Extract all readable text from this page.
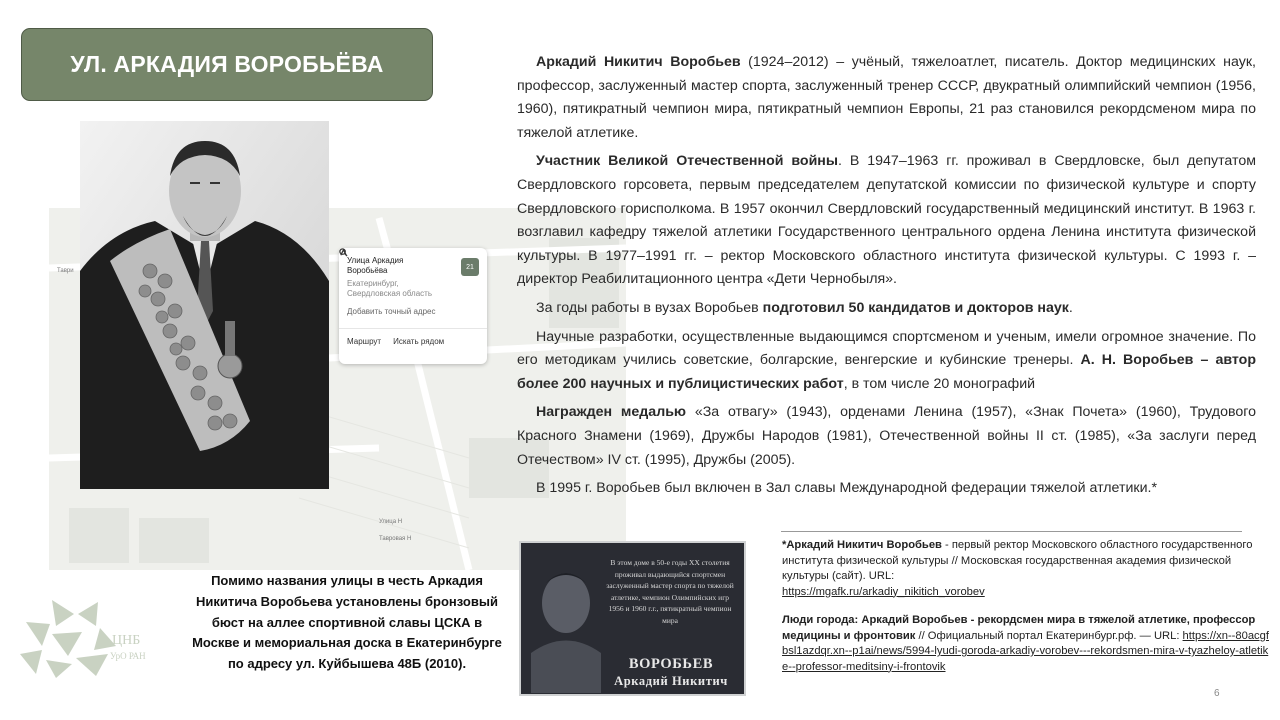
УЛ. АРКАДИЯ ВОРОБЬЁВА
Таври
Улица Н
Тавровая Н
Улица Аркадия Воробьёва
Екатеринбург, Свердловская область
21
Добавить точный адрес
Маршрут Искать рядом

Аркадий Никитич Воробьев (1924–2012) – учёный, тяжелоатлет, писатель. Доктор медицинских наук, профессор, заслуженный мастер спорта, заслуженный тренер СССР, двукратный олимпийский чемпион (1956, 1960), пятикратный чемпион мира, пятикратный чемпион Европы, 21 раз становился рекордсменом мира по тяжелой атлетике.

Участник Великой Отечественной войны. В 1947–1963 гг. проживал в Свердловске, был депутатом Свердловского горсовета, первым председателем депутатской комиссии по физической культуре и спорту Свердловского горисполкома. В 1957 окончил Свердловский государственный медицинский институт. В 1963 г. возглавил кафедру тяжелой атлетики Государственного центрального ордена Ленина института физической культуры. В 1977–1991 гг. – ректор Московского областного института физической культуры. С 1993 г. – директор Реабилитационного центра «Дети Чернобыля».

За годы работы в вузах Воробьев подготовил 50 кандидатов и докторов наук.

Научные разработки, осуществленные выдающимся спортсменом и ученым, имели огромное значение. По его методикам учились советские, болгарские, венгерские и кубинские тренеры. А. Н. Воробьев – автор более 200 научных и публицистических работ, в том числе 20 монографий

Награжден медалью «За отвагу» (1943), орденами Ленина (1957), «Знак Почета» (1960), Трудового Красного Знамени (1969), Дружбы Народов (1981), Отечественной войны II ст. (1985), «За заслуги перед Отечеством» IV ст. (1995), Дружбы (2005).

В 1995 г. Воробьев был включен в Зал славы Международной федерации тяжелой атлетики.*

*Аркадий Никитич Воробьев - первый ректор Московского областного государственного института физической культуры // Московская государственная академия физической культуры (сайт). URL:
https://mgafk.ru/arkadiy_nikitich_vorobev
Люди города: Аркадий Воробьев - рекордсмен мира в тяжелой атлетике, профессор медицины и фронтовик // Официальный портал Екатеринбург.рф. — URL: https://xn--80acgfbsl1azdqr.xn--p1ai/news/5994-lyudi-goroda-arkadiy-vorobev---rekordsmen-mira-v-tyazheloy-atletike--professor-meditsiny-i-frontovik
В этом доме в 50-е годы XX столетия проживал выдающийся спортсмен заслуженный мастер спорта по тяжелой атлетике, чемпион Олимпийских игр 1956 и 1960 г.г., пятикратный чемпион мира
ВОРОБЬЕВ
Аркадий Никитич
Помимо названия улицы в честь Аркадия Никитича Воробьева установлены бронзовый бюст на аллее спортивной славы ЦСКА в Москве и мемориальная доска в Екатеринбурге по адресу ул. Куйбышева 48Б (2010).
ЦНБ
УрО РАН
6
